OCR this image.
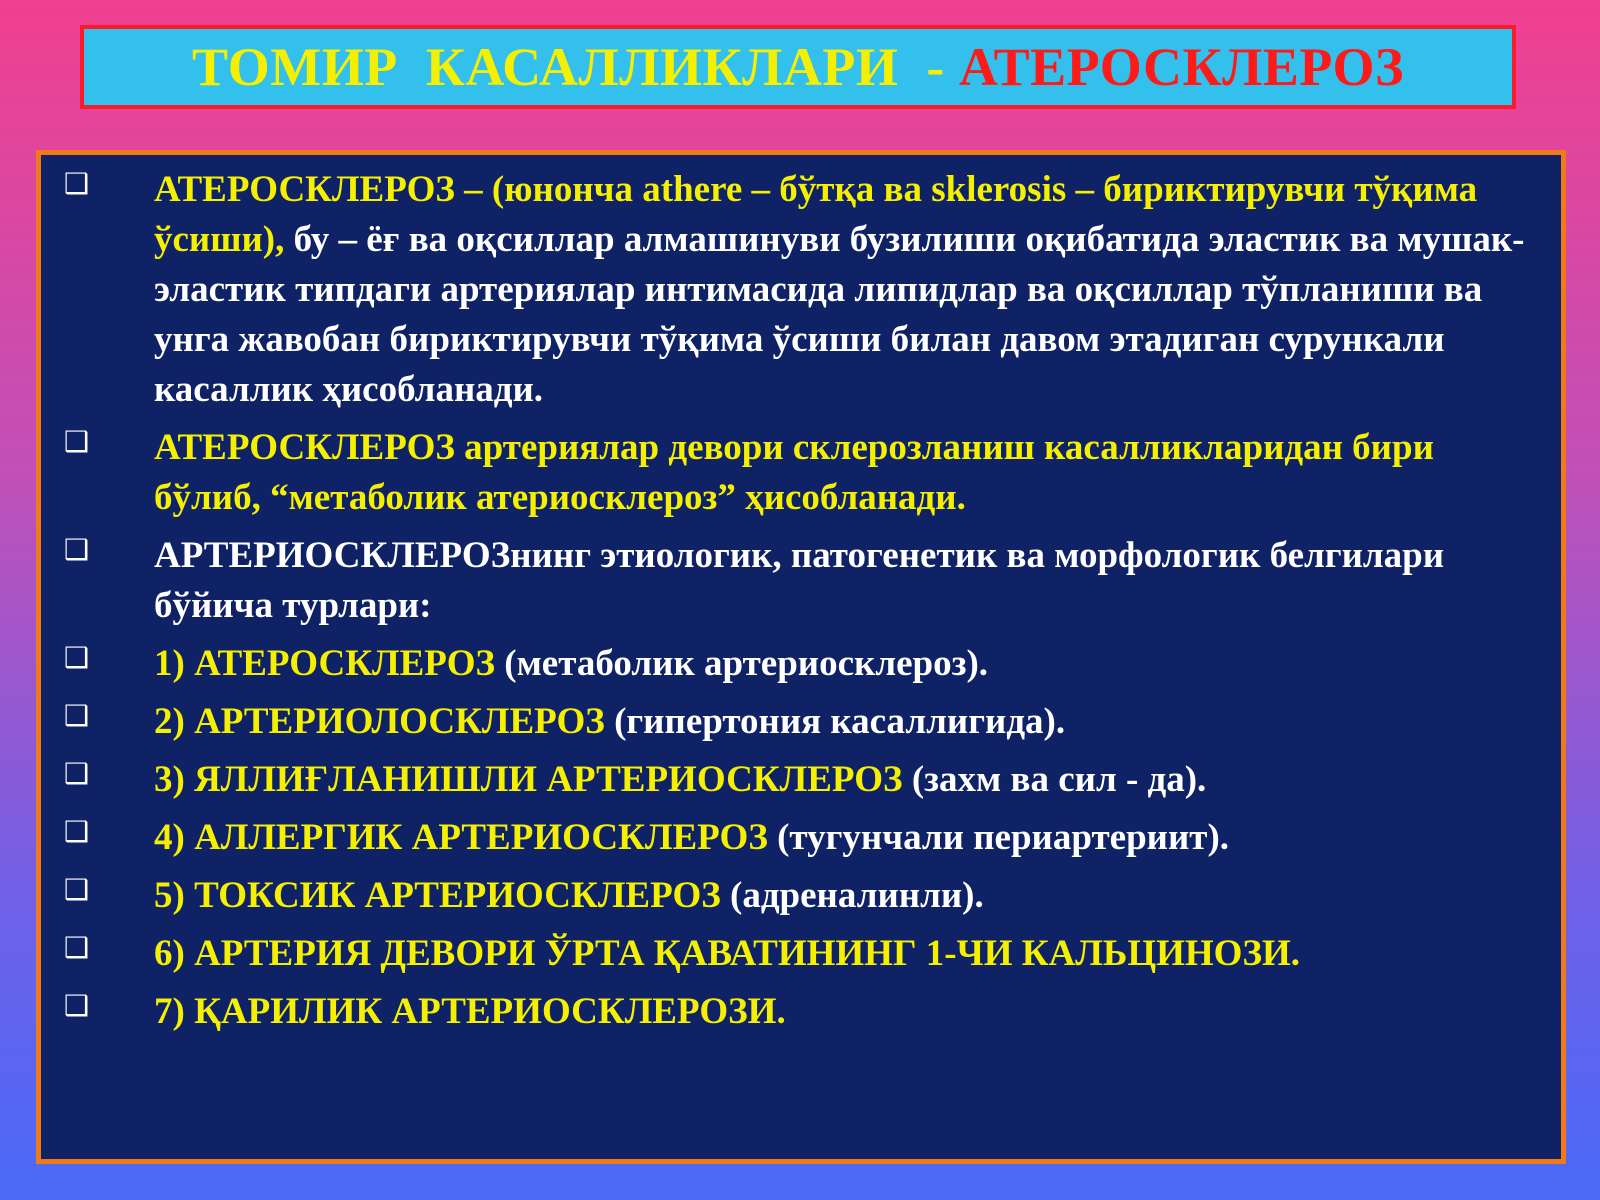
ТОМИР  КАСАЛЛИКЛАРИ  - АТЕРОСКЛЕРОЗ
❑
АТЕРОСКЛЕРОЗ – (юнонча athere – бўтқа ва sklerosis – бириктирувчи тўқима ўсиши), бу – ёғ ва оқсиллар алмашинуви бузилиши оқибатида эластик ва мушак-эластик типдаги артериялар интимасида липидлар ва оқсиллар тўпланиши ва унга жавобан бириктирувчи тўқима ўсиши билан давом этадиган сурункали касаллик ҳисобланади.
❑
АТЕРОСКЛЕРОЗ артериялар девори склерозланиш касалликларидан бири бўлиб, “метаболик атериосклероз” ҳисобланади.
❑
АРТЕРИОСКЛЕРОЗнинг этиологик, патогенетик ва морфологик белгилари бўйича турлари:
❑
1) АТЕРОСКЛЕРОЗ (метаболик артериосклероз).
❑
2) АРТЕРИОЛОСКЛЕРОЗ (гипертония касаллигида).
❑
3) ЯЛЛИҒЛАНИШЛИ АРТЕРИОСКЛЕРОЗ (захм ва сил - да).
❑
4) АЛЛЕРГИК АРТЕРИОСКЛЕРОЗ (тугунчали периартериит).
❑
5) ТОКСИК АРТЕРИОСКЛЕРОЗ (адреналинли).
❑
6) АРТЕРИЯ ДЕВОРИ ЎРТА ҚАВАТИНИНГ 1-ЧИ КАЛЬЦИНОЗИ.
❑
7) ҚАРИЛИК АРТЕРИОСКЛЕРОЗИ.
